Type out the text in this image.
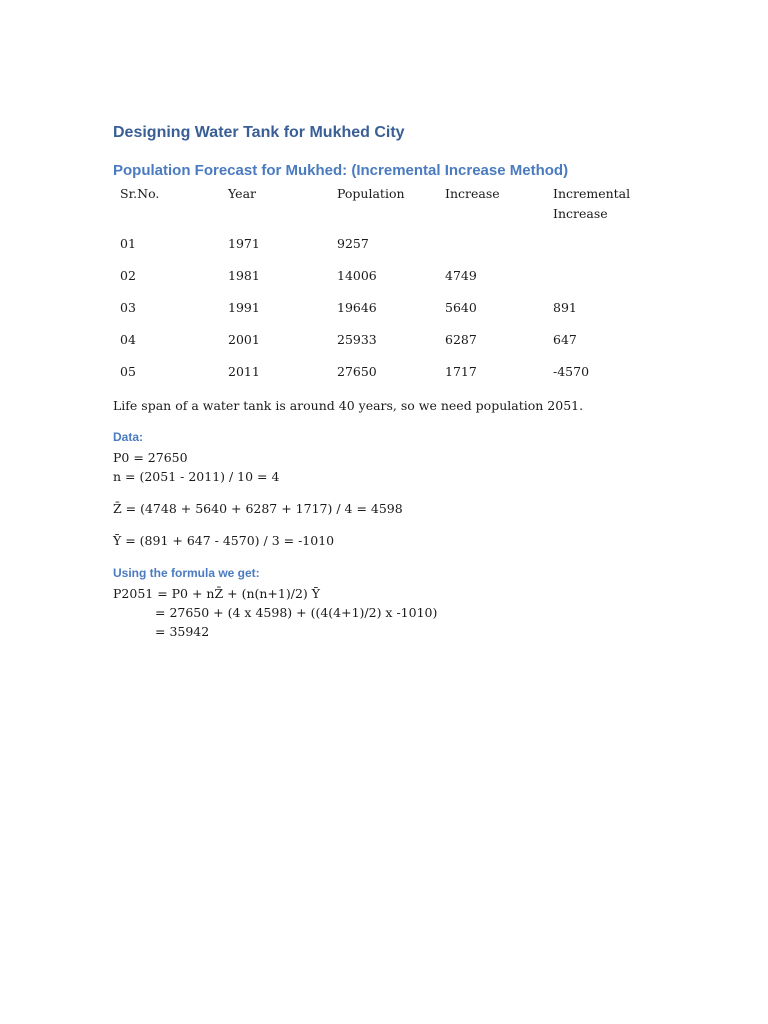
Designing Water Tank for Mukhed City
Population Forecast for Mukhed: (Incremental Increase Method)
Sr.No.	Year	Population	Increase	Incremental Increase
01	1971	9257		
02	1981	14006	4749	
03	1991	19646	5640	891
04	2001	25933	6287	647
05	2011	27650	1717	-4570

Life span of a water tank is around 40 years, so we need population 2051.

Data:

P0 = 27650

n = (2051 - 2011) / 10 = 4

Z̄ = (4748 + 5640 + 6287 + 1717) / 4 = 4598

Ȳ = (891 + 647 - 4570) / 3 = -1010

Using the formula we get:

P2051 = P0 + nZ̄ + (n(n+1)/2) Ȳ

= 27650 + (4 x 4598) + ((4(4+1)/2) x -1010)

= 35942
